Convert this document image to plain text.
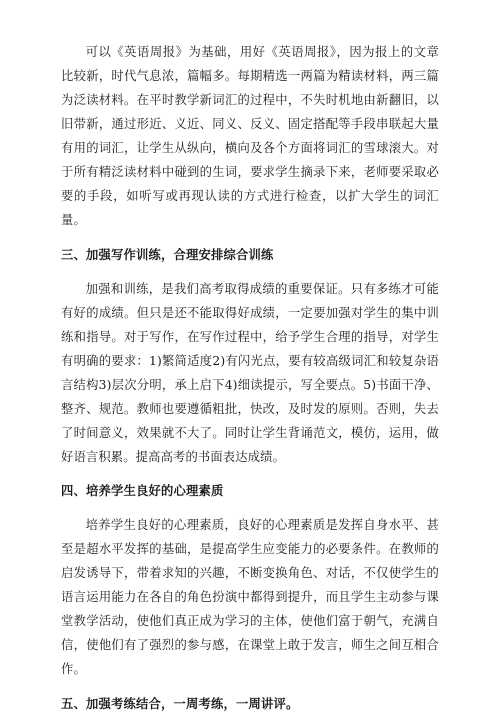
可以《英语周报》为基础，用好《英语周报》，因为报上的文章比较新，时代气息浓，篇幅多。每期精选一两篇为精读材料，两三篇为泛读材料。在平时教学新词汇的过程中，不失时机地由新翻旧，以旧带新，通过形近、义近、同义、反义、固定搭配等手段串联起大量有用的词汇，让学生从纵向，横向及各个方面将词汇的雪球滚大。对于所有精泛读材料中碰到的生词，要求学生摘录下来，老师要采取必要的手段，如听写或再现认读的方式进行检查，以扩大学生的词汇量。

三、加强写作训练，合理安排综合训练

加强和训练，是我们高考取得成绩的重要保证。只有多练才可能有好的成绩。但只是还不能取得好成绩，一定要加强对学生的集中训练和指导。对于写作，在写作过程中，给予学生合理的指导，对学生有明确的要求：1)繁简适度2)有闪光点，要有较高级词汇和较复杂语言结构3)层次分明，承上启下4)细读提示，写全要点。5)书面干净、整齐、规范。教师也要遵循粗批，快改，及时发的原则。否则，失去了时间意义，效果就不大了。同时让学生背诵范文，模仿，运用，做好语言积累。提高高考的书面表达成绩。

四、培养学生良好的心理素质

培养学生良好的心理素质，良好的心理素质是发挥自身水平、甚至是超水平发挥的基础，是提高学生应变能力的必要条件。在教师的启发诱导下，带着求知的兴趣，不断变换角色、对话，不仅使学生的语言运用能力在各自的角色扮演中都得到提升，而且学生主动参与课堂教学活动，使他们真正成为学习的主体，使他们富于朝气，充满自信，使他们有了强烈的参与感，在课堂上敢于发言，师生之间互相合作。

五、加强考练结合，一周考练，一周讲评。
